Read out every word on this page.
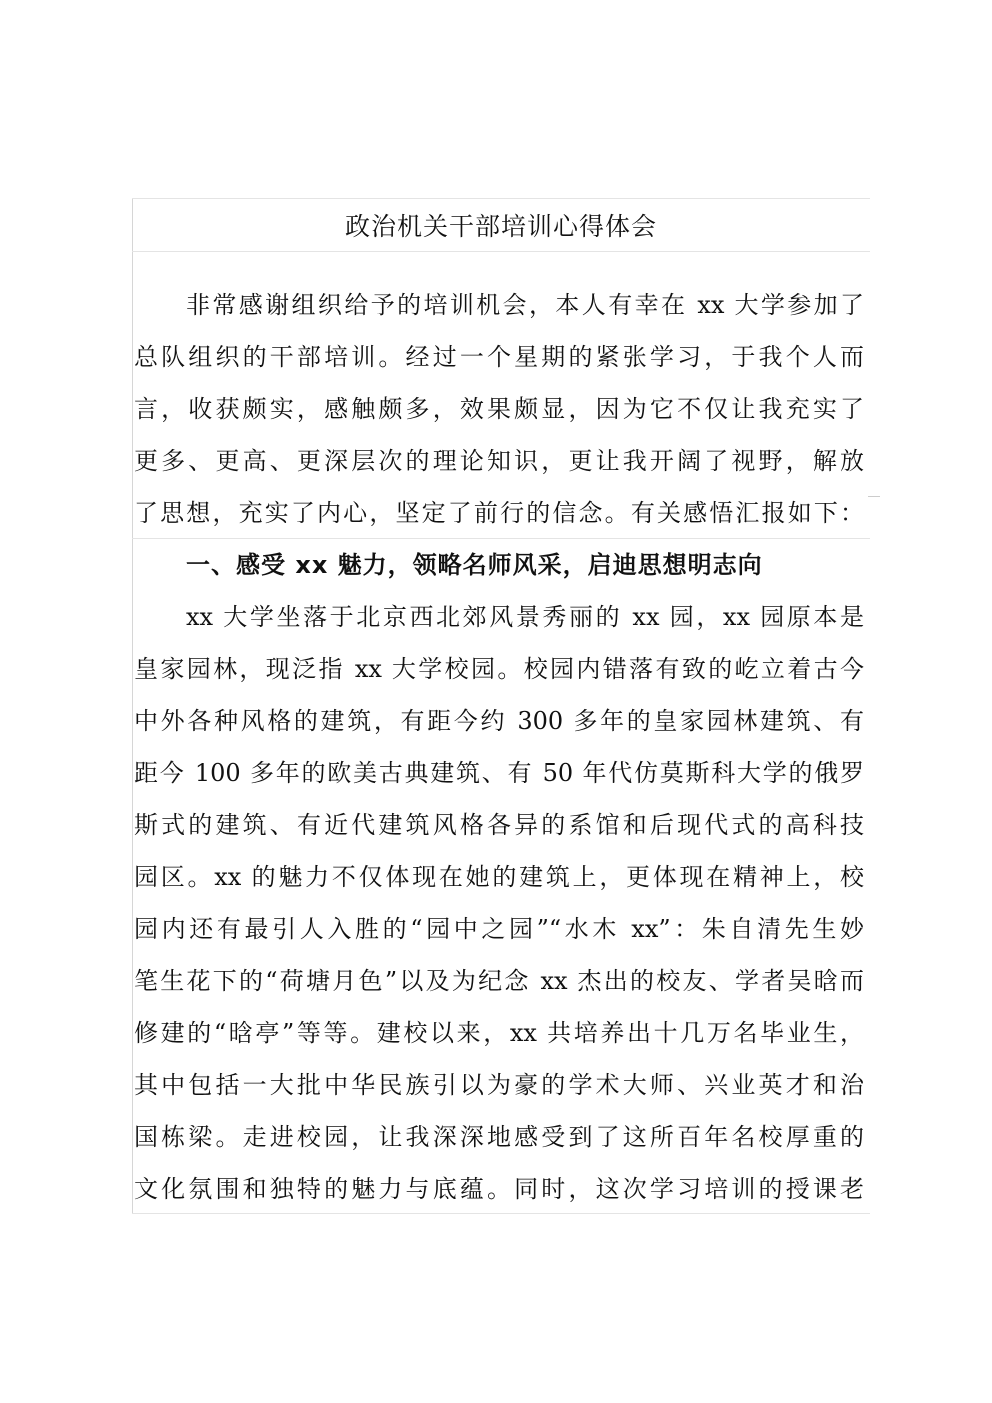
政治机关干部培训心得体会
非常感谢组织给予的培训机会，本人有幸在 xx 大学参加了
总队组织的干部培训。经过一个星期的紧张学习，于我个人而
言，收获颇实，感触颇多，效果颇显，因为它不仅让我充实了
更多、更高、更深层次的理论知识，更让我开阔了视野，解放
了思想，充实了内心，坚定了前行的信念。有关感悟汇报如下：
一、感受 xx 魅力，领略名师风采，启迪思想明志向
xx 大学坐落于北京西北郊风景秀丽的 xx 园，xx 园原本是
皇家园林，现泛指 xx 大学校园。校园内错落有致的屹立着古今
中外各种风格的建筑，有距今约 300 多年的皇家园林建筑、有
距今 100 多年的欧美古典建筑、有 50 年代仿莫斯科大学的俄罗
斯式的建筑、有近代建筑风格各异的系馆和后现代式的高科技
园区。xx 的魅力不仅体现在她的建筑上，更体现在精神上，校
园内还有最引人入胜的“园中之园”“水木 xx”：朱自清先生妙
笔生花下的“荷塘月色”以及为纪念 xx 杰出的校友、学者吴晗而
修建的“晗亭”等等。建校以来，xx 共培养出十几万名毕业生，
其中包括一大批中华民族引以为豪的学术大师、兴业英才和治
国栋梁。走进校园，让我深深地感受到了这所百年名校厚重的
文化氛围和独特的魅力与底蕴。同时，这次学习培训的授课老
